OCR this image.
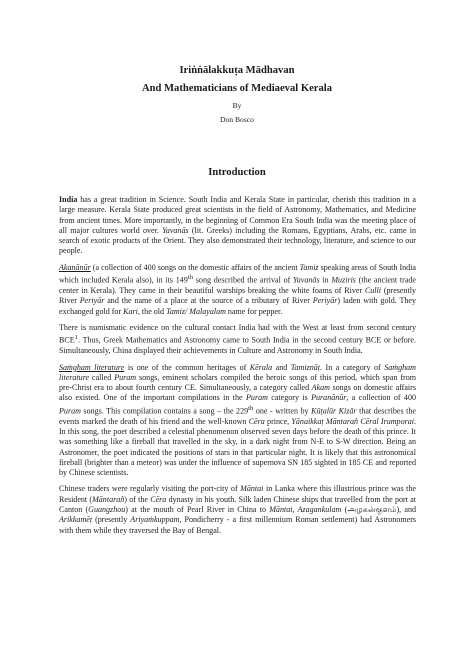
Iriṅṅālakkuṭa Mādhavan

And Mathematicians of Mediaeval Kerala

By
Don Bosco

Introduction

India has a great tradition in Science. South India and Kerala State in particular, cherish this tradition in a large measure. Kerala State produced great scientists in the field of Astronomy, Mathematics, and Medicine from ancient times. More importantly, in the beginning of Common Era South India was the meeting place of all major cultures world over. Yavanās (lit. Greeks) including the Romans, Egyptians, Arabs, etc. came in search of exotic products of the Orient. They also demonstrated their technology, literature, and science to our people.

Akanānūr (a collection of 400 songs on the domestic affairs of the ancient Tamiz speaking areas of South India which included Kerala also), in its 149th song described the arrival of Yavanās in Muziris (the ancient trade center in Kerala). They came in their beautiful warships breaking the white foams of River Culli (presently River Periyār and the name of a place at the source of a tributary of River Periyār) laden with gold. They exchanged gold for Kari, the old Tamiz/ Malayalam name for pepper.

There is numismatic evidence on the cultural contact India had with the West at least from second century BCE$^1$. Thus, Greek Mathematics and Astronomy came to South India in the second century BCE or before. Simultaneously, China displayed their achievements in Culture and Astronomy in South India.

Saṁgham literature is one of the common heritages of Kērala and Tamiznāṭ. In a category of Saṁgham literature called Puram songs, eminent scholars compiled the heroic songs of this period, which span from pre-Christ era to about fourth century CE. Simultaneously, a category called Akam songs on domestic affairs also existed. One of the important compilations in the Puram category is Puranānūr, a collection of 400 Puram songs. This compilation contains a song – the 229th one - written by Kūṭalūr Kizār that describes the events marked the death of his friend and the well-known Cēra prince, Yānaikkaṭ Māntarañ Cēral Irumporai. In this song, the poet described a celestial phenomenon observed seven days before the death of this prince. It was something like a fireball that travelled in the sky, in a dark night from N-E to S-W direction. Being an Astronomer, the poet indicated the positions of stars in that particular night. It is likely that this astronomical fireball (brighter than a meteor) was under the influence of supernova SN 185 sighted in 185 CE and reported by Chinese scientists.

Chinese traders were regularly visiting the port-city of Māntai in Lanka where this illustrious prince was the Resident (Māntarañ) of the Cēra dynasty in his youth. Silk laden Chinese ships that travelled from the port at Canton (Guangzhou) at the mouth of Pearl River in China to Māntai, Azagankulam (அழகன்குளம்), and Arikkamēṭ (presently Ariyaṁkuppam, Pondicherry - a first millennium Roman settlement) had Astronomers with them while they traversed the Bay of Bengal.
